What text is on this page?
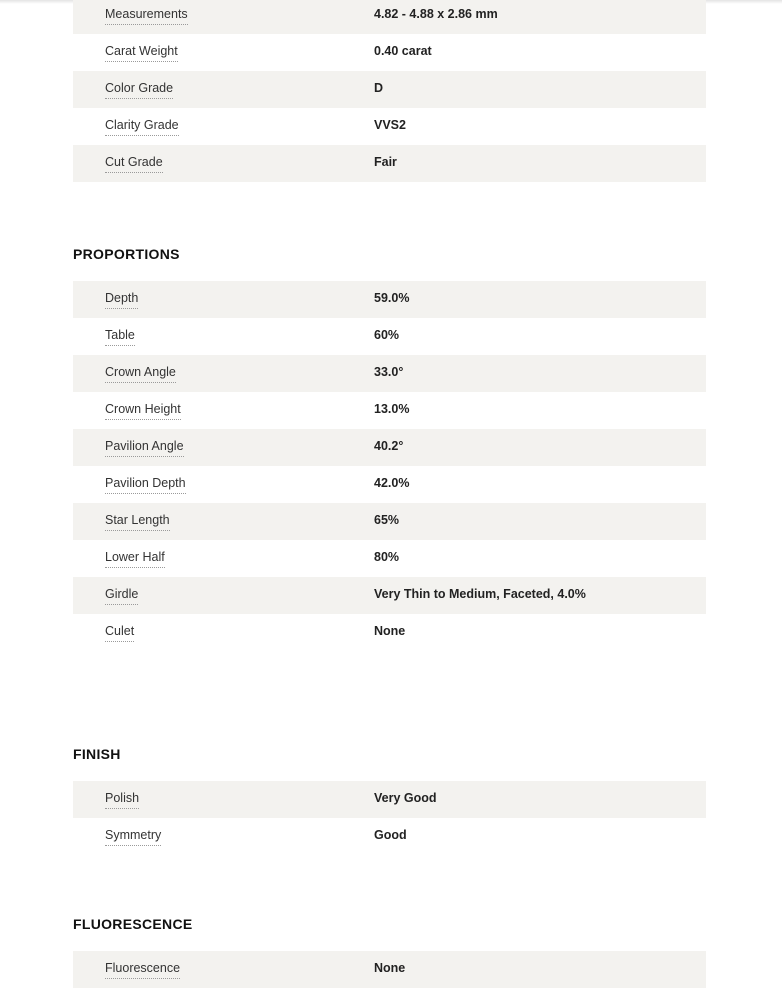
Measurements	4.82 - 4.88 x 2.86 mm
Carat Weight	0.40 carat
Color Grade	D
Clarity Grade	VVS2
Cut Grade	Fair
PROPORTIONS
Depth	59.0%
Table	60%
Crown Angle	33.0°
Crown Height	13.0%
Pavilion Angle	40.2°
Pavilion Depth	42.0%
Star Length	65%
Lower Half	80%
Girdle	Very Thin to Medium, Faceted, 4.0%
Culet	None
FINISH
Polish	Very Good
Symmetry	Good
FLUORESCENCE
Fluorescence	None
